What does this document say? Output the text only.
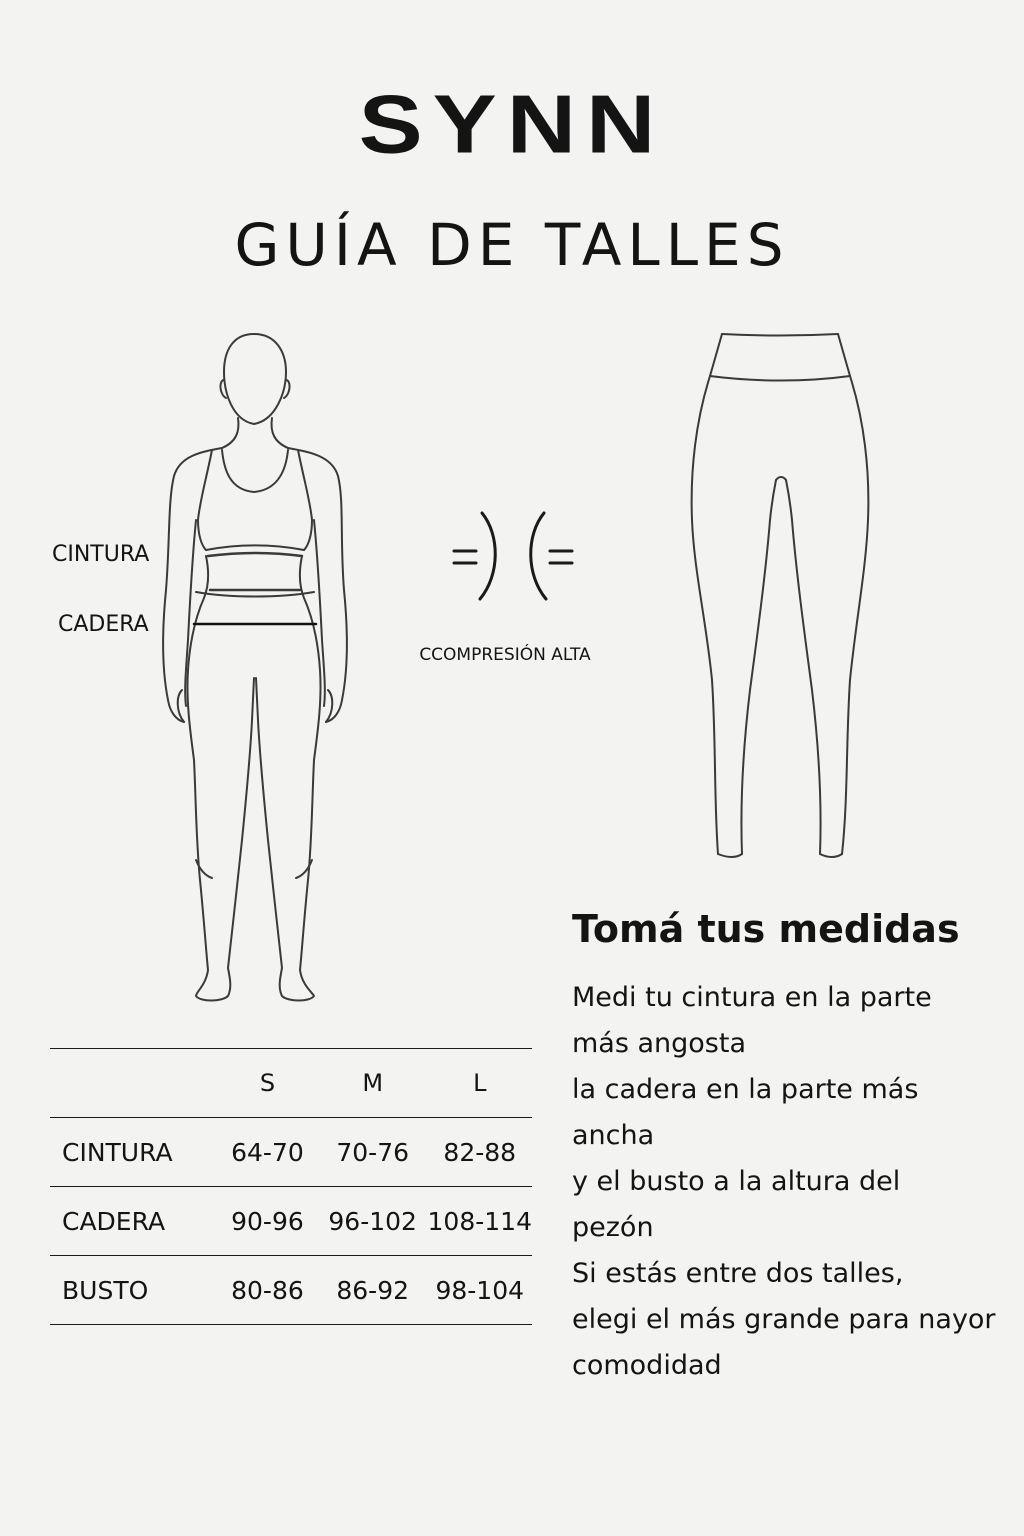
SYNN
GUÍA DE TALLES
CINTURA
CADERA
CCOMPRESIÓN ALTA
	S	M	L
CINTURA	64-70	70-76	82-88
CADERA	90-96	96-102	108-114
BUSTO	80-86	86-92	98-104
Tomá tus medidas
Medi tu cintura en la parte
más angosta
la cadera en la parte más
ancha
y el busto a la altura del
pezón
Si estás entre dos talles,
elegi el más grande para nayor
comodidad
